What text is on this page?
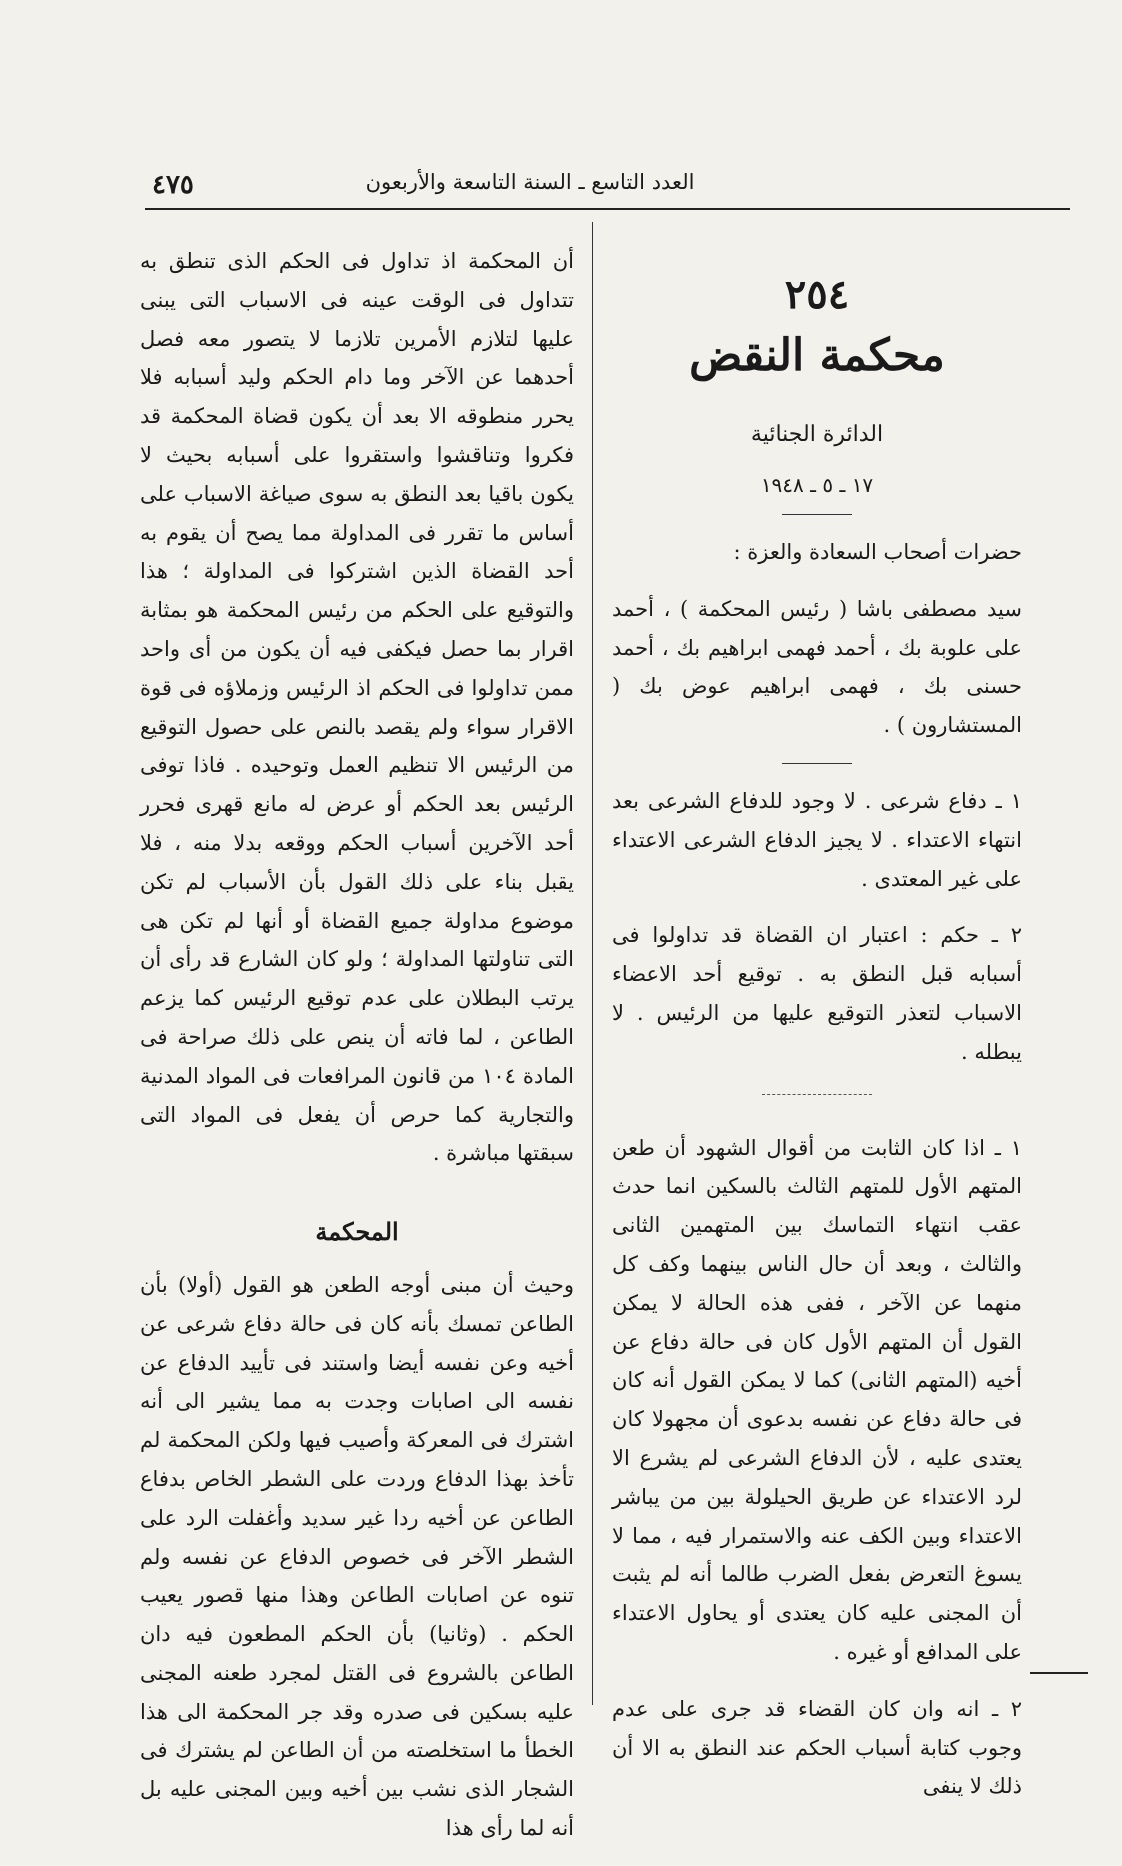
٤٧٥	العدد التاسع ـ السنة التاسعة والأربعون
٢٥٤
محكمة النقض
الدائرة الجنائية
١٧ ـ ٥ ـ ١٩٤٨

حضرات أصحاب السعادة والعزة :

سيد مصطفى باشا ( رئيس المحكمة ) ، أحمد على علوبة بك ، أحمد فهمى ابراهيم بك ، أحمد حسنى بك ، فهمى ابراهيم عوض بك ( المستشارون ) .

١ ـ دفاع شرعى . لا وجود للدفاع الشرعى بعد انتهاء الاعتداء . لا يجيز الدفاع الشرعى الاعتداء على غير المعتدى .

٢ ـ حكم : اعتبار ان القضاة قد تداولوا فى أسبابه قبل النطق به . توقيع أحد الاعضاء الاسباب لتعذر التوقيع عليها من الرئيس . لا يبطله .

١ ـ اذا كان الثابت من أقوال الشهود أن طعن المتهم الأول للمتهم الثالث بالسكين انما حدث عقب انتهاء التماسك بين المتهمين الثانى والثالث ، وبعد أن حال الناس بينهما وكف كل منهما عن الآخر ، ففى هذه الحالة لا يمكن القول أن المتهم الأول كان فى حالة دفاع عن أخيه (المتهم الثانى) كما لا يمكن القول أنه كان فى حالة دفاع عن نفسه بدعوى أن مجهولا كان يعتدى عليه ، لأن الدفاع الشرعى لم يشرع الا لرد الاعتداء عن طريق الحيلولة بين من يباشر الاعتداء وبين الكف عنه والاستمرار فيه ، مما لا يسوغ التعرض بفعل الضرب طالما أنه لم يثبت أن المجنى عليه كان يعتدى أو يحاول الاعتداء على المدافع أو غيره .

٢ ـ انه وان كان القضاء قد جرى على عدم وجوب كتابة أسباب الحكم عند النطق به الا أن ذلك لا ينفى

أن المحكمة اذ تداول فى الحكم الذى تنطق به تتداول فى الوقت عينه فى الاسباب التى يبنى عليها لتلازم الأمرين تلازما لا يتصور معه فصل أحدهما عن الآخر وما دام الحكم وليد أسبابه فلا يحرر منطوقه الا بعد أن يكون قضاة المحكمة قد فكروا وتناقشوا واستقروا على أسبابه بحيث لا يكون باقيا بعد النطق به سوى صياغة الاسباب على أساس ما تقرر فى المداولة مما يصح أن يقوم به أحد القضاة الذين اشتركوا فى المداولة ؛ هذا والتوقيع على الحكم من رئيس المحكمة هو بمثابة اقرار بما حصل فيكفى فيه أن يكون من أى واحد ممن تداولوا فى الحكم اذ الرئيس وزملاؤه فى قوة الاقرار سواء ولم يقصد بالنص على حصول التوقيع من الرئيس الا تنظيم العمل وتوحيده . فاذا توفى الرئيس بعد الحكم أو عرض له مانع قهرى فحرر أحد الآخرين أسباب الحكم ووقعه بدلا منه ، فلا يقبل بناء على ذلك القول بأن الأسباب لم تكن موضوع مداولة جميع القضاة أو أنها لم تكن هى التى تناولتها المداولة ؛ ولو كان الشارع قد رأى أن يرتب البطلان على عدم توقيع الرئيس كما يزعم الطاعن ، لما فاته أن ينص على ذلك صراحة فى المادة ١٠٤ من قانون المرافعات فى المواد المدنية والتجارية كما حرص أن يفعل فى المواد التى سبقتها مباشرة .

المحكمة

وحيث أن مبنى أوجه الطعن هو القول (أولا) بأن الطاعن تمسك بأنه كان فى حالة دفاع شرعى عن أخيه وعن نفسه أيضا واستند فى تأييد الدفاع عن نفسه الى اصابات وجدت به مما يشير الى أنه اشترك فى المعركة وأصيب فيها ولكن المحكمة لم تأخذ بهذا الدفاع وردت على الشطر الخاص بدفاع الطاعن عن أخيه ردا غير سديد وأغفلت الرد على الشطر الآخر فى خصوص الدفاع عن نفسه ولم تنوه عن اصابات الطاعن وهذا منها قصور يعيب الحكم . (وثانيا) بأن الحكم المطعون فيه دان الطاعن بالشروع فى القتل لمجرد طعنه المجنى عليه بسكين فى صدره وقد جر المحكمة الى هذا الخطأ ما استخلصته من أن الطاعن لم يشترك فى الشجار الذى نشب بين أخيه وبين المجنى عليه بل أنه لما رأى هذا
